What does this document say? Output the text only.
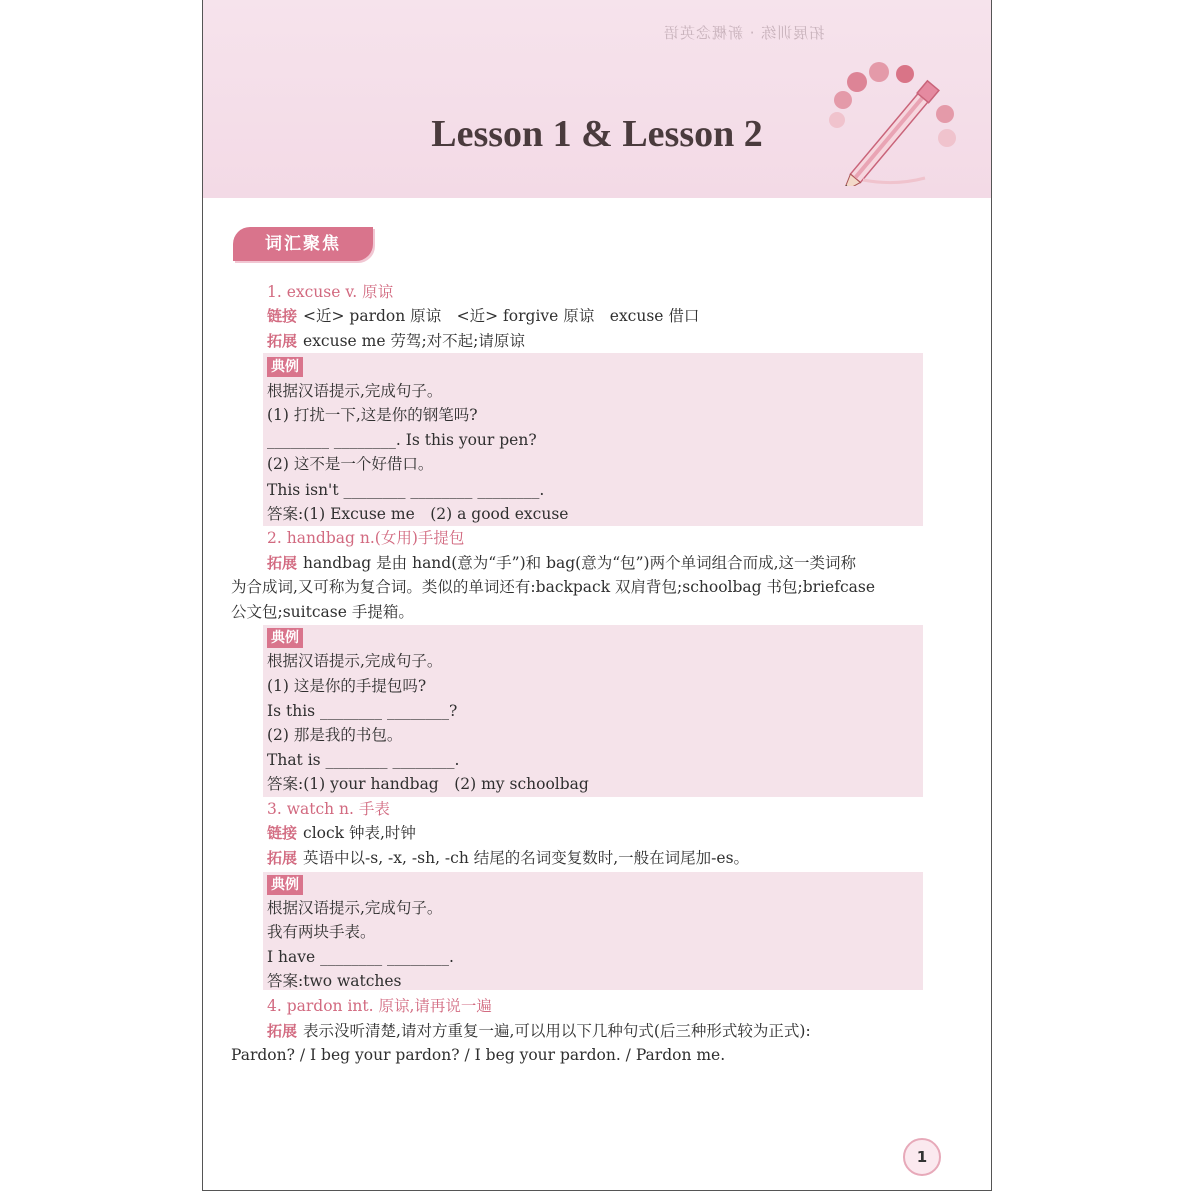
拓展训练 · 新概念英语
Lesson 1 & Lesson 2
词汇聚焦
1. excuse v. 原谅
链接 <近> pardon 原谅　<近> forgive 原谅　excuse 借口
拓展 excuse me 劳驾;对不起;请原谅
典例
根据汉语提示,完成句子。
(1) 打扰一下,这是你的钢笔吗?
________ ________. Is this your pen?
(2) 这不是一个好借口。
This isn't ________ ________ ________.
答案:(1) Excuse me　(2) a good excuse
2. handbag n.(女用)手提包
拓展 handbag 是由 hand(意为“手”)和 bag(意为“包”)两个单词组合而成,这一类词称
为合成词,又可称为复合词。类似的单词还有:backpack 双肩背包;schoolbag 书包;briefcase
公文包;suitcase 手提箱。
典例
根据汉语提示,完成句子。
(1) 这是你的手提包吗?
Is this ________ ________?
(2) 那是我的书包。
That is ________ ________.
答案:(1) your handbag　(2) my schoolbag
3. watch n. 手表
链接 clock 钟表,时钟
拓展 英语中以-s, -x, -sh, -ch 结尾的名词变复数时,一般在词尾加-es。
典例
根据汉语提示,完成句子。
我有两块手表。
I have ________ ________.
答案:two watches
4. pardon int. 原谅,请再说一遍
拓展 表示没听清楚,请对方重复一遍,可以用以下几种句式(后三种形式较为正式):
Pardon? / I beg your pardon? / I beg your pardon. / Pardon me.
1
